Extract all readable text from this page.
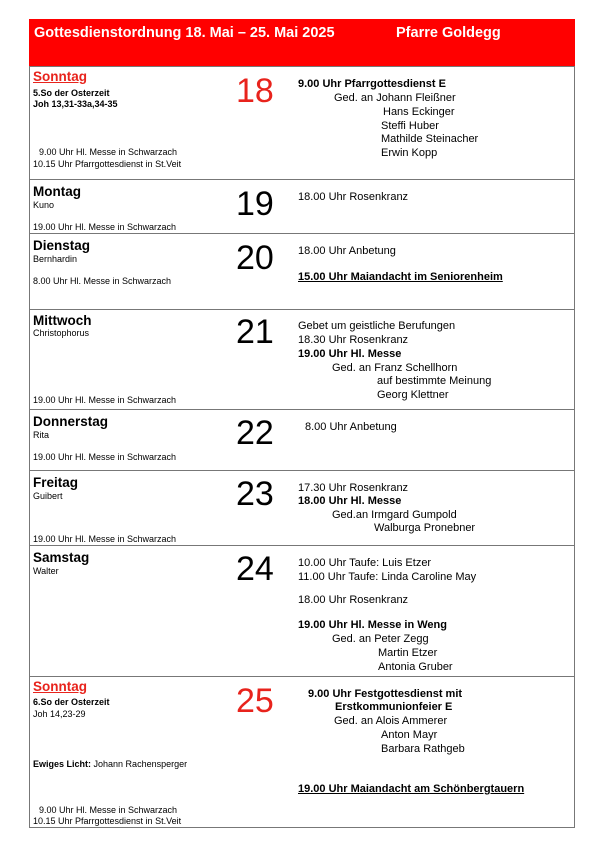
Gottesdienstordnung 18. Mai – 25. Mai 2025	Pfarre Goldegg
Sonntag
5.So der Osterzeit
Joh 13,31-33a,34-35
9.00 Uhr Hl. Messe in Schwarzach
10.15 Uhr Pfarrgottesdienst in St.Veit
18 9.00 Uhr Pfarrgottesdienst E
Ged. an Johann Fleißner
Hans Eckinger
Steffi Huber
Mathilde Steinacher
Erwin Kopp
Montag
Kuno
19.00 Uhr Hl. Messe in Schwarzach
19 18.00 Uhr Rosenkranz
Dienstag
Bernhardin
8.00 Uhr Hl. Messe in Schwarzach
20 18.00 Uhr Anbetung
15.00 Uhr Maiandacht im Seniorenheim
Mittwoch
Christophorus
19.00 Uhr Hl. Messe in Schwarzach
21 Gebet um geistliche Berufungen
18.30 Uhr Rosenkranz
19.00 Uhr Hl. Messe
Ged. an Franz Schellhorn
auf bestimmte Meinung
Georg Klettner
Donnerstag
Rita
19.00 Uhr Hl. Messe in Schwarzach
22	8.00 Uhr Anbetung
Freitag
Guibert
19.00 Uhr Hl. Messe in Schwarzach
23 17.30 Uhr Rosenkranz
18.00 Uhr Hl. Messe
Ged.an Irmgard Gumpold
Walburga Pronebner
Samstag
Walter	24 10.00 Uhr Taufe: Luis Etzer
11.00 Uhr Taufe: Linda Caroline May
18.00 Uhr Rosenkranz
19.00 Uhr Hl. Messe in Weng
Ged. an Peter Zegg
Martin Etzer
Antonia Gruber
Sonntag
6.So der Osterzeit
Joh 14,23-29
Ewiges Licht: Johann Rachensperger
9.00 Uhr Hl. Messe in Schwarzach
10.15 Uhr Pfarrgottesdienst in St.Veit
25	9.00 Uhr Festgottesdienst mit
Erstkommunionfeier E
Ged. an Alois Ammerer
Anton Mayr
Barbara Rathgeb
19.00 Uhr Maiandacht am Schönbergtauern
